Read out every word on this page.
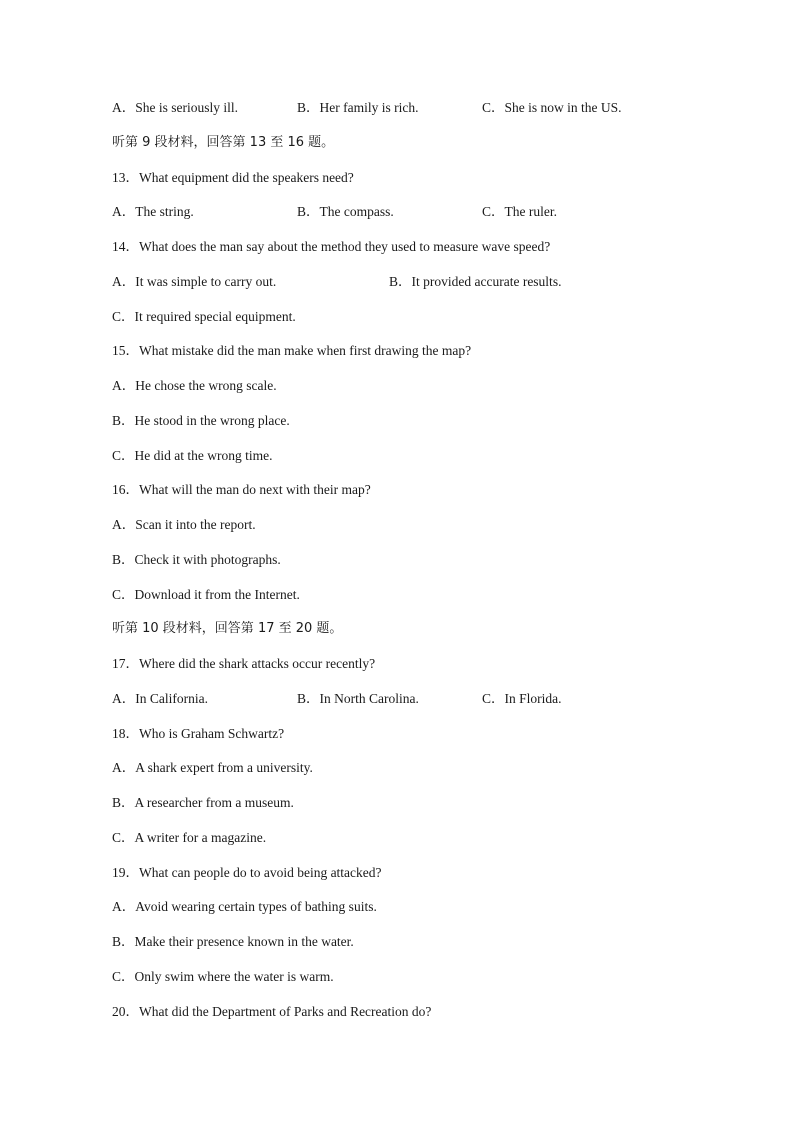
A．She is seriously ill.	B．Her family is rich.	C．She is now in the US.
听第 9 段材料，回答第 13 至 16 题。
13．What equipment did the speakers need?
A．The string.	B．The compass.	C．The ruler.
14．What does the man say about the method they used to measure wave speed?
A．It was simple to carry out.	B．It provided accurate results.
C．It required special equipment.
15．What mistake did the man make when first drawing the map?
A．He chose the wrong scale.
B．He stood in the wrong place.
C．He did at the wrong time.
16．What will the man do next with their map?
A．Scan it into the report.
B．Check it with photographs.
C．Download it from the Internet.
听第 10 段材料，回答第 17 至 20 题。
17．Where did the shark attacks occur recently?
A．In California.	B．In North Carolina.	C．In Florida.
18．Who is Graham Schwartz?
A．A shark expert from a university.
B．A researcher from a museum.
C．A writer for a magazine.
19．What can people do to avoid being attacked?
A．Avoid wearing certain types of bathing suits.
B．Make their presence known in the water.
C．Only swim where the water is warm.
20．What did the Department of Parks and Recreation do?
